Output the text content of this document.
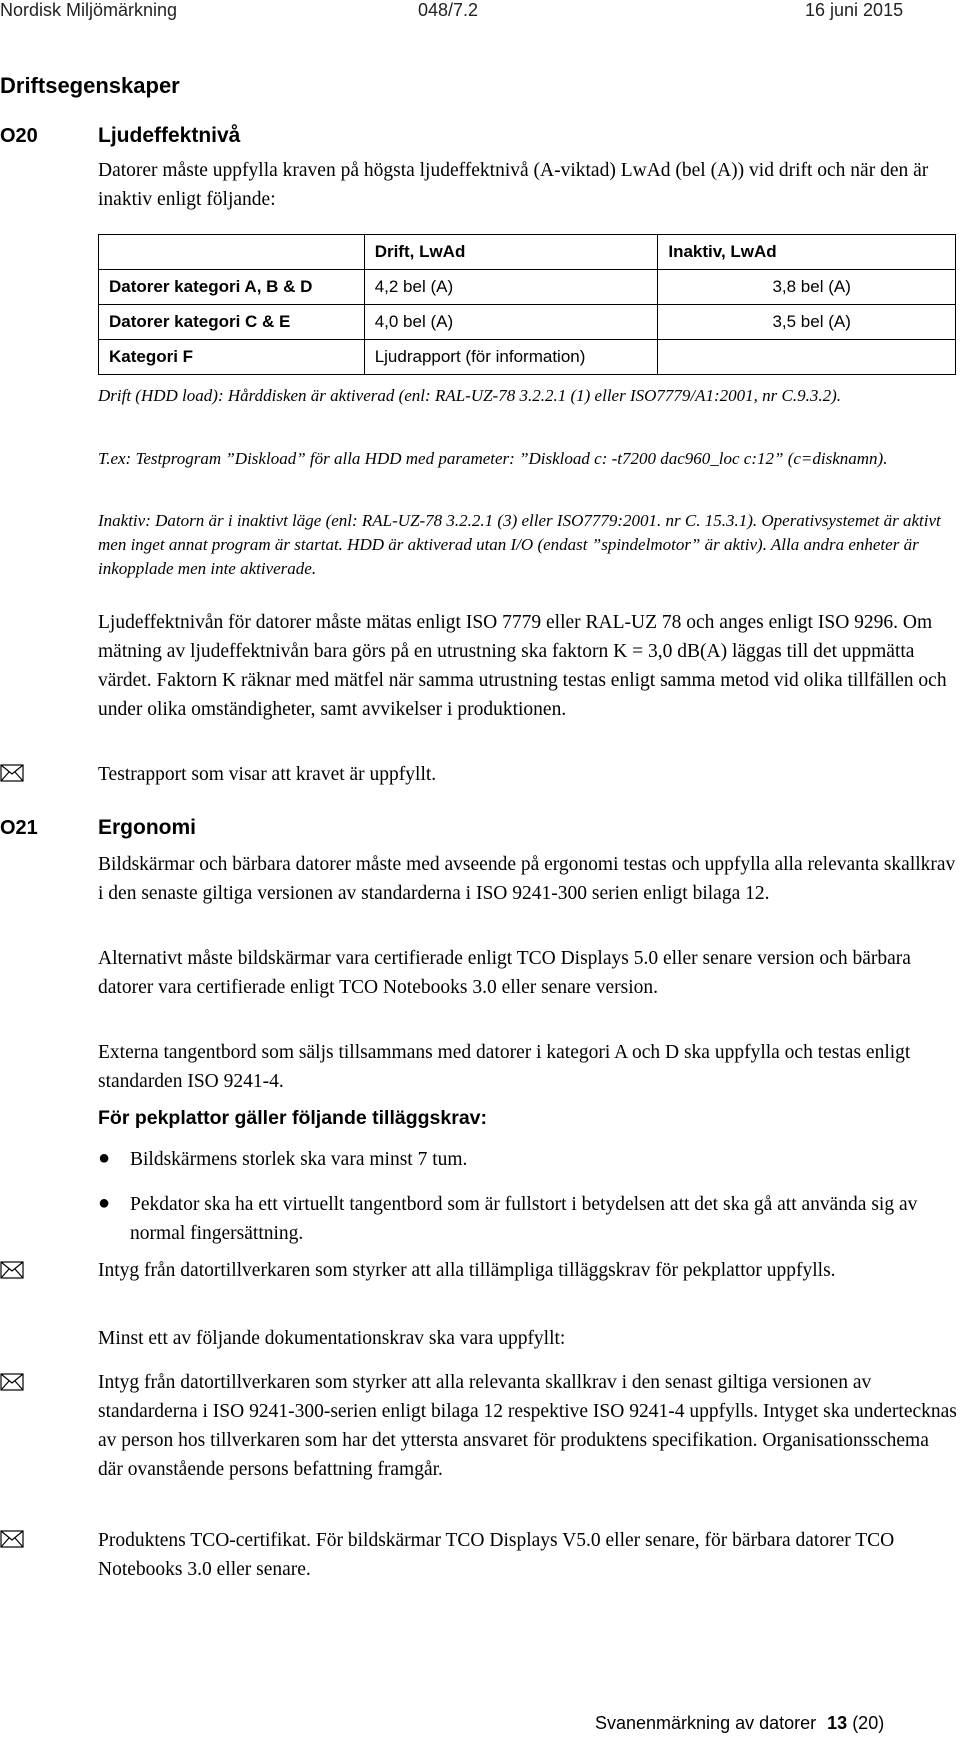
Nordisk Miljömärkning	048/7.2	16 juni 2015
Driftsegenskaper
O20	Ljudeffektnivå
Datorer måste uppfylla kraven på högsta ljudeffektnivå (A-viktad) LwAd (bel (A)) vid drift och när den är inaktiv enligt följande:
	Drift, LwAd	Inaktiv, LwAd
Datorer kategori A, B & D	4,2 bel (A)	3,8 bel (A)
Datorer kategori C & E	4,0 bel (A)	3,5 bel (A)
Kategori F	Ljudrapport (för information)	
Drift (HDD load): Hårddisken är aktiverad (enl: RAL-UZ-78 3.2.2.1 (1) eller ISO7779/A1:2001, nr C.9.3.2).
T.ex: Testprogram ”Diskload” för alla HDD med parameter: ”Diskload c: -t7200 dac960_loc c:12” (c=disknamn).
Inaktiv: Datorn är i inaktivt läge (enl: RAL-UZ-78 3.2.2.1 (3) eller ISO7779:2001. nr C. 15.3.1). Operativsystemet är aktivt men inget annat program är startat. HDD är aktiverad utan I/O (endast ”spindelmotor” är aktiv). Alla andra enheter är inkopplade men inte aktiverade.
Ljudeffektnivån för datorer måste mätas enligt ISO 7779 eller RAL-UZ 78 och anges enligt ISO 9296. Om mätning av ljudeffektnivån bara görs på en utrustning ska faktorn K = 3,0 dB(A) läggas till det uppmätta värdet. Faktorn K räknar med mätfel när samma utrustning testas enligt samma metod vid olika tillfällen och under olika omständigheter, samt avvikelser i produktionen.
Testrapport som visar att kravet är uppfyllt.
O21	Ergonomi
Bildskärmar och bärbara datorer måste med avseende på ergonomi testas och uppfylla alla relevanta skallkrav i den senaste giltiga versionen av standarderna i ISO 9241-300 serien enligt bilaga 12.
Alternativt måste bildskärmar vara certifierade enligt TCO Displays 5.0 eller senare version och bärbara datorer vara certifierade enligt TCO Notebooks 3.0 eller senare version.
Externa tangentbord som säljs tillsammans med datorer i kategori A och D ska uppfylla och testas enligt standarden ISO 9241-4.
För pekplattor gäller följande tilläggskrav:
● Bildskärmens storlek ska vara minst 7 tum.
● Pekdator ska ha ett virtuellt tangentbord som är fullstort i betydelsen att det ska gå att använda sig av normal fingersättning.
Intyg från datortillverkaren som styrker att alla tillämpliga tilläggskrav för pekplattor uppfylls.
Minst ett av följande dokumentationskrav ska vara uppfyllt:
Intyg från datortillverkaren som styrker att alla relevanta skallkrav i den senast giltiga versionen av standarderna i ISO 9241-300-serien enligt bilaga 12 respektive ISO 9241-4 uppfylls. Intyget ska undertecknas av person hos tillverkaren som har det yttersta ansvaret för produktens specifikation. Organisationsschema där ovanstående persons befattning framgår.
Produktens TCO-certifikat. För bildskärmar TCO Displays V5.0 eller senare, för bärbara datorer TCO Notebooks 3.0 eller senare.
Svanenmärkning av datorer 13 (20)
